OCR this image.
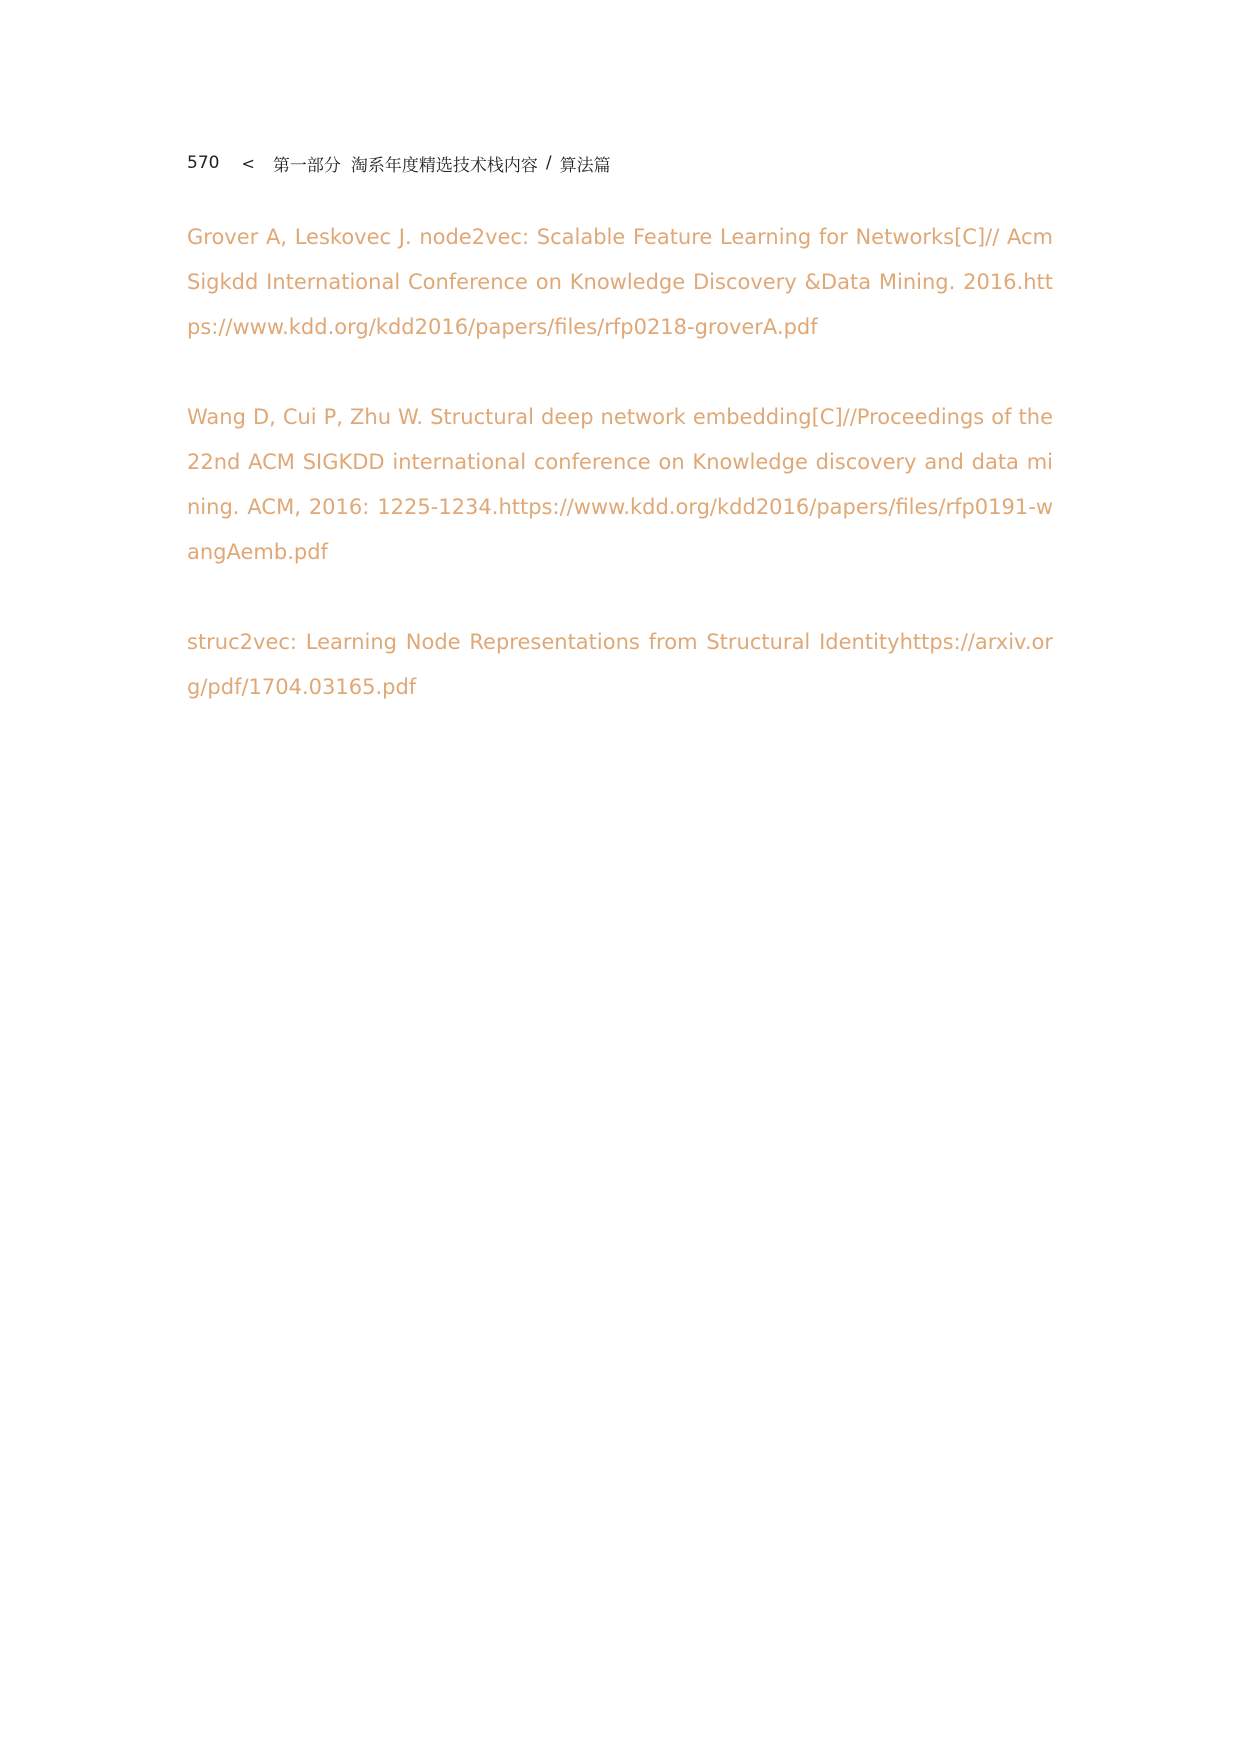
570 < 第一部分 淘系年度精选技术栈内容 / 算法篇

Grover A, Leskovec J. node2vec: Scalable Feature Learning for Networks[C]// Acm Sigkdd International Conference on Knowledge Discovery &Data Mining. 2016.https://www.kdd.org/kdd2016/papers/files/rfp0218-groverA.pdf

Wang D, Cui P, Zhu W. Structural deep network embedding[C]//Proceedings of the 22nd ACM SIGKDD international conference on Knowledge discovery and data mining. ACM, 2016: 1225-1234.https://www.kdd.org/kdd2016/papers/files/rfp0191-wangAemb.pdf

struc2vec: Learning Node Representations from Structural Identityhttps://arxiv.org/pdf/1704.03165.pdf
